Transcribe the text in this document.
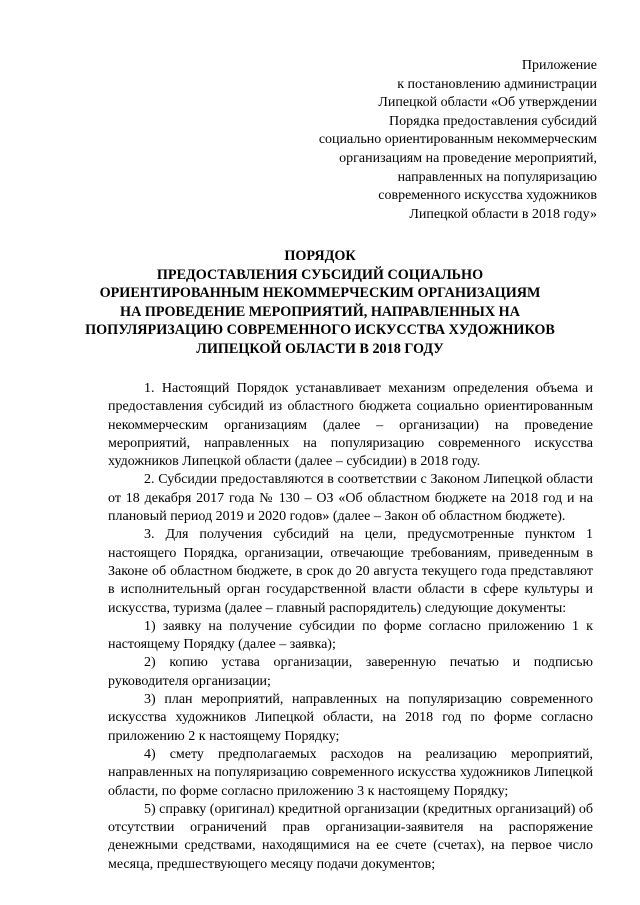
Приложение
к постановлению администрации
Липецкой области «Об утверждении
Порядка предоставления субсидий
социально ориентированным некоммерческим
организациям на проведение мероприятий,
направленных на популяризацию
современного искусства художников
Липецкой области в 2018 году»
ПОРЯДОК
ПРЕДОСТАВЛЕНИЯ СУБСИДИЙ СОЦИАЛЬНО
ОРИЕНТИРОВАННЫМ НЕКОММЕРЧЕСКИМ ОРГАНИЗАЦИЯМ
НА ПРОВЕДЕНИЕ МЕРОПРИЯТИЙ, НАПРАВЛЕННЫХ НА
ПОПУЛЯРИЗАЦИЮ СОВРЕМЕННОГО ИСКУССТВА ХУДОЖНИКОВ
ЛИПЕЦКОЙ ОБЛАСТИ В 2018 ГОДУ

1. Настоящий Порядок устанавливает механизм определения объема и предоставления субсидий из областного бюджета социально ориентированным некоммерческим организациям (далее – организации) на проведение мероприятий, направленных на популяризацию современного искусства художников Липецкой области (далее – субсидии) в 2018 году.

2. Субсидии предоставляются в соответствии с Законом Липецкой области от 18 декабря 2017 года № 130 – ОЗ «Об областном бюджете на 2018 год и на плановый период 2019 и 2020 годов» (далее – Закон об областном бюджете).

3. Для получения субсидий на цели, предусмотренные пунктом 1 настоящего Порядка, организации, отвечающие требованиям, приведенным в Законе об областном бюджете, в срок до 20 августа текущего года представляют в исполнительный орган государственной власти области в сфере культуры и искусства, туризма (далее – главный распорядитель) следующие документы:

1) заявку на получение субсидии по форме согласно приложению 1 к настоящему Порядку (далее – заявка);

2) копию устава организации, заверенную печатью и подписью руководителя организации;

3) план мероприятий, направленных на популяризацию современного искусства художников Липецкой области, на 2018 год по форме согласно приложению 2 к настоящему Порядку;

4) смету предполагаемых расходов на реализацию мероприятий, направленных на популяризацию современного искусства художников Липецкой области, по форме согласно приложению 3 к настоящему Порядку;

5) справку (оригинал) кредитной организации (кредитных организаций) об отсутствии ограничений прав организации-заявителя на распоряжение денежными средствами, находящимися на ее счете (счетах), на первое число месяца, предшествующего месяцу подачи документов;
